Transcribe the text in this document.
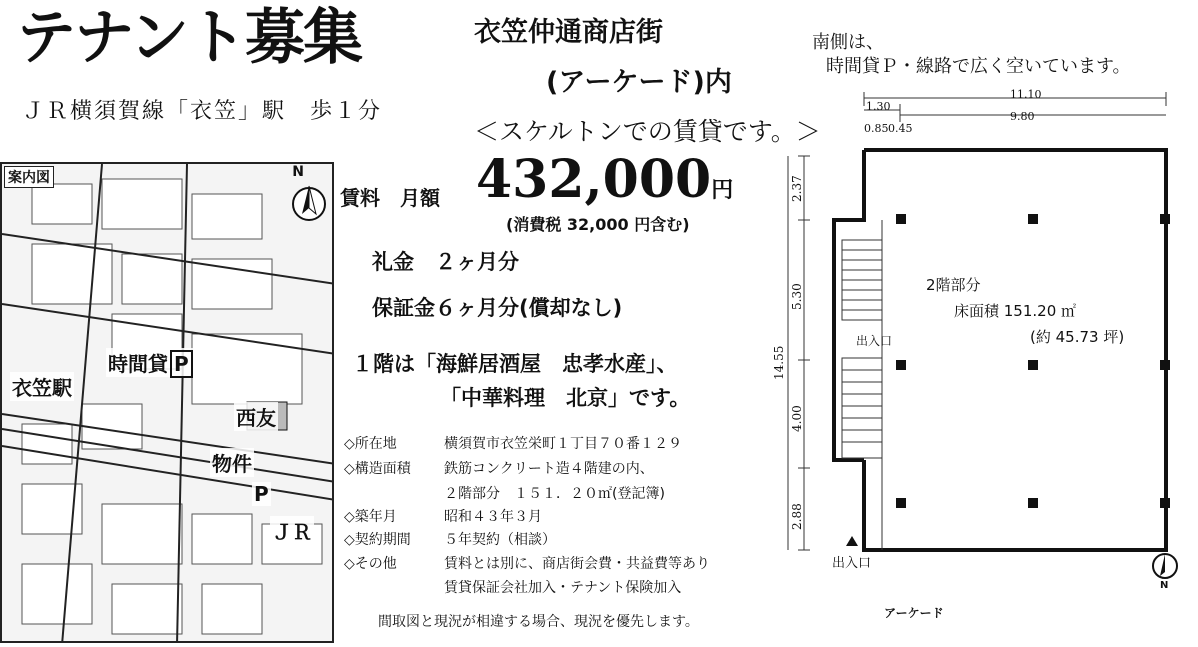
テナント募集
ＪＲ横須賀線「衣笠」駅　歩１分
衣笠仲通商店街
(アーケード)内
＜スケルトンでの賃貸です。＞
南側は、
時間貸Ｐ・線路で広く空いています。
賃料　月額 432,000円
(消費税 32,000 円含む)
礼金　２ヶ月分
保証金６ヶ月分(償却なし)
１階は「海鮮居酒屋　忠孝水産」、
「中華料理　北京」です。
◇所在地	横須賀市衣笠栄町１丁目７０番１２９
◇構造面積 鉄筋コンクリート造４階建の内、
２階部分　１５１．２０㎡(登記簿)
◇築年月	昭和４３年３月
◇契約期間 ５年契約（相談）
◇その他	賃料とは別に、商店街会費・共益費等あり
賃貸保証会社加入・テナント保険加入
間取図と現況が相違する場合、現況を優先します。
案内図	N
衣笠駅
時間貸 P
西友
物件
P
ＪＲ
11.10
9.80
1.30
0.85 0.45
14.55
2.37
5.30
4.00
2.88
2階部分
床面積 151.20 ㎡
(約 45.73 坪)
出入口
出入口
アーケード
N
